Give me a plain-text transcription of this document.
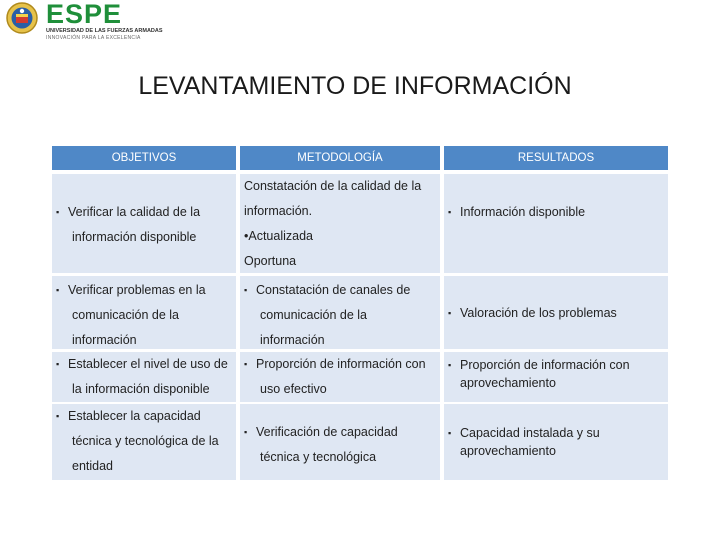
ESPE
UNIVERSIDAD DE LAS FUERZAS ARMADAS
INNOVACIÓN PARA LA EXCELENCIA
LEVANTAMIENTO DE INFORMACIÓN
OBJETIVOS	METODOLOGÍA	RESULTADOS
▪ Verificar la calidad de la
información disponible
Constatación de la calidad de la
información.
•Actualizada
Oportuna
▪ Información disponible
▪ Verificar problemas en la
comunicación de la
información
▪ Constatación de canales de
comunicación de la
información
▪ Valoración de los problemas
▪ Establecer el nivel de uso de
la información disponible
▪ Proporción de información con
uso efectivo
▪ Proporción de información con
aprovechamiento
▪ Establecer la capacidad
técnica y tecnológica de la
entidad
▪ Verificación de capacidad
técnica y tecnológica
▪ Capacidad instalada y su
aprovechamiento
